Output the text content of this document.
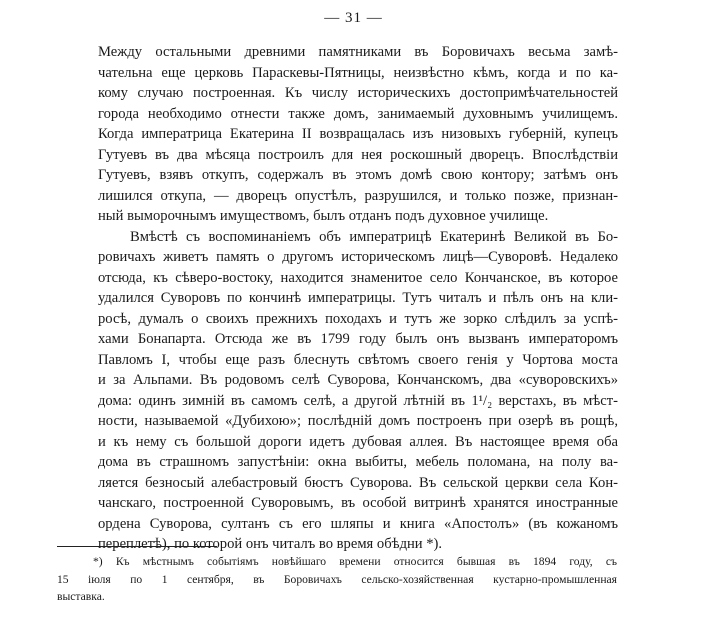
— 31 —
Между остальными древними памятниками въ Боровичахъ весьма замѣ-
чательна еще церковь Параскевы-Пятницы, неизвѣстно кѣмъ, когда и по ка-
кому случаю построенная. Къ числу историческихъ достопримѣчательностей
города необходимо отнести также домъ, занимаемый духовнымъ училищемъ.
Когда императрица Екатерина II возвращалась изъ низовыхъ губерній, купецъ
Гутуевъ въ два мѣсяца построилъ для нея роскошный дворецъ. Впослѣдствіи
Гутуевъ, взявъ откупъ, содержалъ въ этомъ домѣ свою контору; затѣмъ онъ
лишился откупа, — дворецъ опустѣлъ, разрушился, и только позже, признан-
ный выморочнымъ имуществомъ, былъ отданъ подъ духовное училище.
Вмѣстѣ съ воспоминаніемъ объ императрицѣ Екатеринѣ Великой въ Бо-
ровичахъ живетъ память о другомъ историческомъ лицѣ—Суворовѣ. Недалеко
отсюда, къ сѣверо-востоку, находится знаменитое село Кончанское, въ которое
удалился Суворовъ по кончинѣ императрицы. Тутъ читалъ и пѣлъ онъ на кли-
росѣ, думалъ о своихъ прежнихъ походахъ и тутъ же зорко слѣдилъ за успѣ-
хами Бонапарта. Отсюда же въ 1799 году былъ онъ вызванъ императоромъ
Павломъ I, чтобы еще разъ блеснуть свѣтомъ своего генія у Чортова моста
и за Альпами. Въ родовомъ селѣ Суворова, Кончанскомъ, два «суворовскихъ»
дома: одинъ зимній въ самомъ селѣ, а другой лѣтній въ 1¹/₂ верстахъ, въ мѣст-
ности, называемой «Дубихою»; послѣдній домъ построенъ при озерѣ въ рощѣ,
и къ нему съ большой дороги идетъ дубовая аллея. Въ настоящее время оба
дома въ страшномъ запустѣніи: окна выбиты, мебель поломана, на полу ва-
ляется безносый алебастровый бюстъ Суворова. Въ сельской церкви села Кон-
чанскаго, построенной Суворовымъ, въ особой витринѣ хранятся иностранные
ордена Суворова, султанъ съ его шляпы и книга «Апостолъ» (въ кожаномъ
переплетѣ), по которой онъ читалъ во время обѣдни *).
*) Къ мѣстнымъ событіямъ новѣйшаго времени относится бывшая въ 1894 году, съ
15 іюля по 1 сентября, въ Боровичахъ сельско-хозяйственная кустарно-промышленная
выставка.
